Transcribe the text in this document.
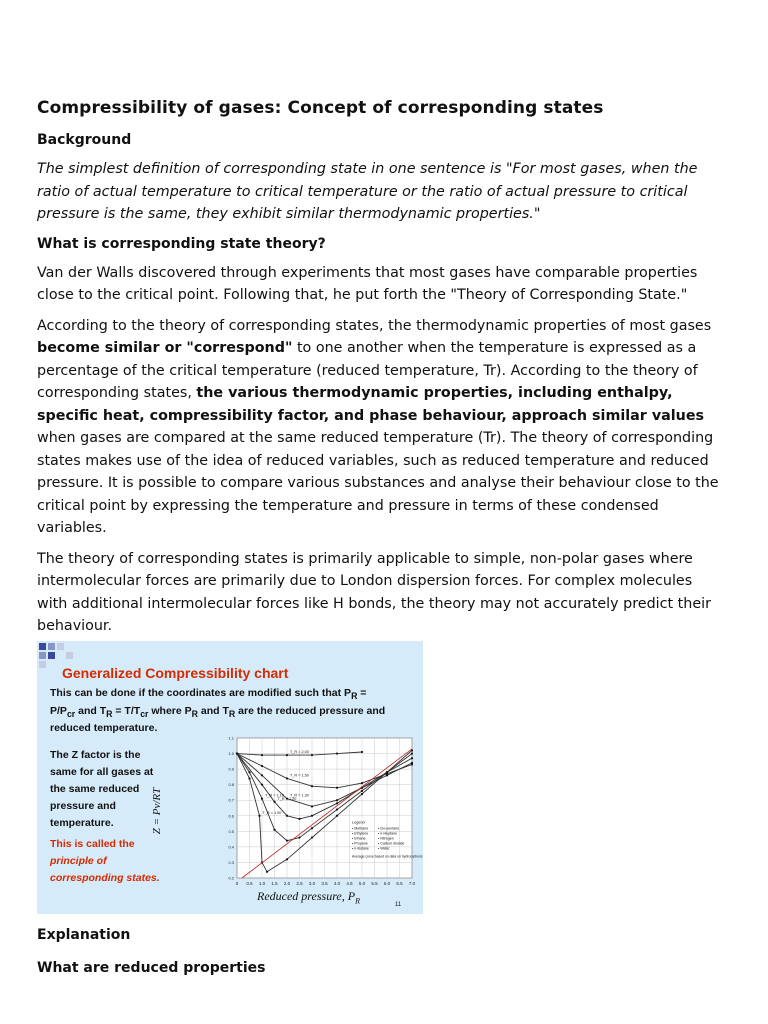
Compressibility of gases: Concept of corresponding states
Background

The simplest definition of corresponding state in one sentence is "For most gases, when the ratio of actual temperature to critical temperature or the ratio of actual pressure to critical pressure is the same, they exhibit similar thermodynamic properties."

What is corresponding state theory?

Van der Walls discovered through experiments that most gases have comparable properties close to the critical point. Following that, he put forth the "Theory of Corresponding State."

According to the theory of corresponding states, the thermodynamic properties of most gases become similar or "correspond" to one another when the temperature is expressed as a percentage of the critical temperature (reduced temperature, Tr). According to the theory of corresponding states, the various thermodynamic properties, including enthalpy, specific heat, compressibility factor, and phase behaviour, approach similar values when gases are compared at the same reduced temperature (Tr). The theory of corresponding states makes use of the idea of reduced variables, such as reduced temperature and reduced pressure. It is possible to compare various substances and analyse their behaviour close to the critical point by expressing the temperature and pressure in terms of these condensed variables.

The theory of corresponding states is primarily applicable to simple, non-polar gases where intermolecular forces are primarily due to London dispersion forces. For complex molecules with additional intermolecular forces like H bonds, the theory may not accurately predict their behaviour.

Generalized Compressibility chart
This can be done if the coordinates are modified such that $P_R$ =
$P/P_{cr}$ and $T_R = T/T_{cr}$ where $P_R$ and $T_R$ are the reduced pressure and
reduced temperature.
The Z factor is the same for all gases at the same reduced pressure and temperature.
This is called the
principle of corresponding states.
Z = Pv/RT
0 0.5 1.0 1.5 2.0 2.5 3.0 3.5 4.0 4.5 5.0 5.5 6.0 6.5 7.0
0.2
0.3
0.4
0.5
0.6
0.7
0.8
0.9
1.0
1.1
T_R = 2.00
T_R = 1.50
T_R = 1.30
T_R = 1.20
T_R = 1.10
T_R = 1.00
Legend
• Methane
• Ethylene
• Ethane
• Propane
• n-Butane
• Iso-pentane
• n-Heptane
• Nitrogen
• Carbon dioxide
• Water
Average curve based on data on hydrocarbons
Reduced pressure, $P_R$	11
Explanation
What are reduced properties
